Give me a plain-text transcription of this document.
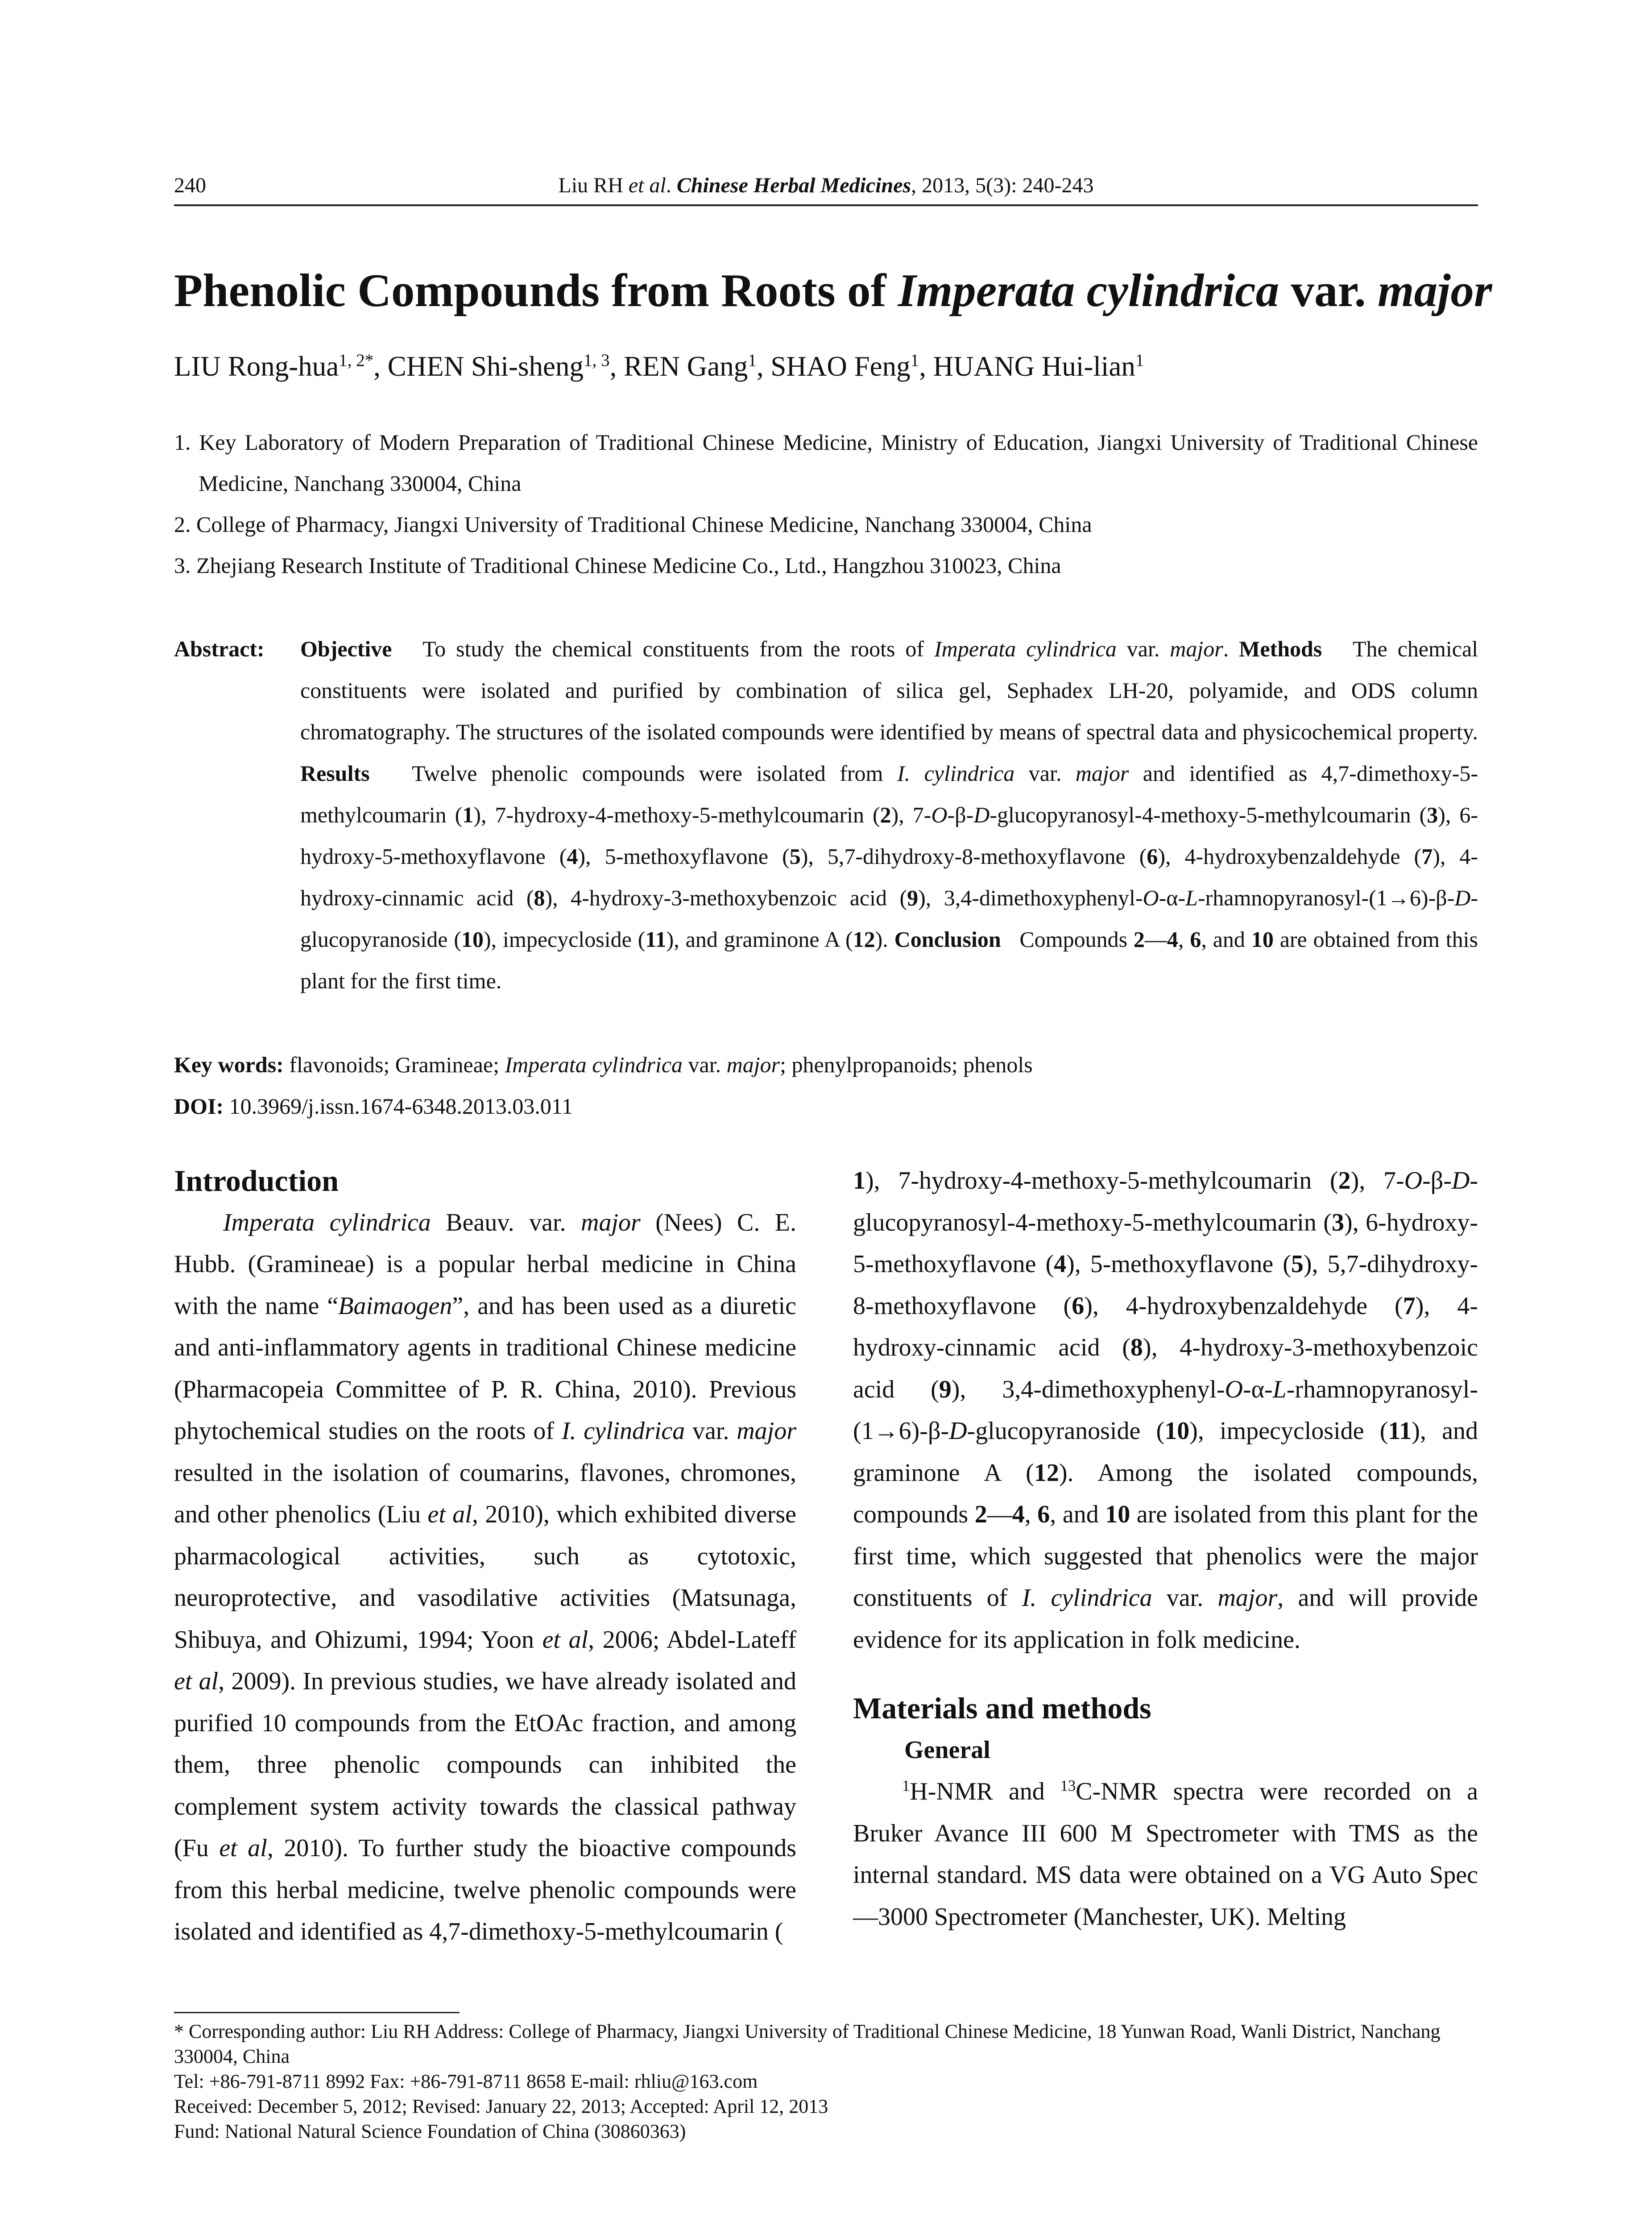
240	Liu RH et al. Chinese Herbal Medicines, 2013, 5(3): 240-243
Phenolic Compounds from Roots of Imperata cylindrica var. major
LIU Rong-hua$^{1, 2*}$, CHEN Shi-sheng$^{1, 3}$, REN Gang$^1$, SHAO Feng$^1$, HUANG Hui-lian$^1$
1. Key Laboratory of Modern Preparation of Traditional Chinese Medicine, Ministry of Education, Jiangxi University of Traditional Chinese Medicine, Nanchang 330004, China
2. College of Pharmacy, Jiangxi University of Traditional Chinese Medicine, Nanchang 330004, China
3. Zhejiang Research Institute of Traditional Chinese Medicine Co., Ltd., Hangzhou 310023, China
Abstract: Objective To study the chemical constituents from the roots of Imperata cylindrica var. major. Methods The chemical constituents were isolated and purified by combination of silica gel, Sephadex LH-20, polyamide, and ODS column chromatography. The structures of the isolated compounds were identified by means of spectral data and physicochemical property. Results Twelve phenolic compounds were isolated from I. cylindrica var. major and identified as 4,7-dimethoxy-5-methylcoumarin (1), 7-hydroxy-4-methoxy-5-methylcoumarin (2), 7-O-β-D-glucopyranosyl-4-methoxy-5-methylcoumarin (3), 6-hydroxy-5-methoxyflavone (4), 5-methoxyflavone (5), 5,7-dihydroxy-8-methoxyflavone (6), 4-hydroxybenzaldehyde (7), 4-hydroxy-cinnamic acid (8), 4-hydroxy-3-methoxybenzoic acid (9), 3,4-dimethoxyphenyl-O-α-L-rhamnopyranosyl-(1→6)-β-D-glucopyranoside (10), impecycloside (11), and graminone A (12). Conclusion Compounds 2—4, 6, and 10 are obtained from this plant for the first time.
Key words: flavonoids; Gramineae; Imperata cylindrica var. major; phenylpropanoids; phenols
DOI: 10.3969/j.issn.1674-6348.2013.03.011
Introduction
Imperata cylindrica Beauv. var. major (Nees) C. E. Hubb. (Gramineae) is a popular herbal medicine in China with the name “Baimaogen”, and has been used as a diuretic and anti-inflammatory agents in traditional Chinese medicine (Pharmacopeia Committee of P. R. China, 2010). Previous phytochemical studies on the roots of I. cylindrica var. major resulted in the isolation of coumarins, flavones, chromones, and other phenolics (Liu et al, 2010), which exhibited diverse pharmacological activities, such as cytotoxic, neuroprotective, and vasodilative activities (Matsunaga, Shibuya, and Ohizumi, 1994; Yoon et al, 2006; Abdel-Lateff et al, 2009). In previous studies, we have already isolated and purified 10 compounds from the EtOAc fraction, and among them, three phenolic compounds can inhibited the complement system activity towards the classical pathway (Fu et al, 2010). To further study the bioactive compounds from this herbal medicine, twelve phenolic compounds were isolated and identified as 4,7-dimethoxy-5-methylcoumarin (
1), 7-hydroxy-4-methoxy-5-methylcoumarin (2), 7-O-β-D-glucopyranosyl-4-methoxy-5-methylcoumarin (3), 6-hydroxy-5-methoxyflavone (4), 5-methoxyflavone (5), 5,7-dihydroxy-8-methoxyflavone (6), 4-hydroxybenzaldehyde (7), 4-hydroxy-cinnamic acid (8), 4-hydroxy-3-methoxybenzoic acid (9), 3,4-dimethoxyphenyl-O-α-L-rhamnopyranosyl-(1→6)-β-D-glucopyranoside (10), impecycloside (11), and graminone A (12). Among the isolated compounds, compounds 2—4, 6, and 10 are isolated from this plant for the first time, which suggested that phenolics were the major constituents of I. cylindrica var. major, and will provide evidence for its application in folk medicine.
Materials and methods
General
$^1$H-NMR and $^{13}$C-NMR spectra were recorded on a Bruker Avance III 600 M Spectrometer with TMS as the internal standard. MS data were obtained on a VG Auto Spec—3000 Spectrometer (Manchester, UK). Melting
* Corresponding author: Liu RH Address: College of Pharmacy, Jiangxi University of Traditional Chinese Medicine, 18 Yunwan Road, Wanli District, Nanchang 330004, China
Tel: +86-791-8711 8992 Fax: +86-791-8711 8658 E-mail: rhliu@163.com
Received: December 5, 2012; Revised: January 22, 2013; Accepted: April 12, 2013
Fund: National Natural Science Foundation of China (30860363)
